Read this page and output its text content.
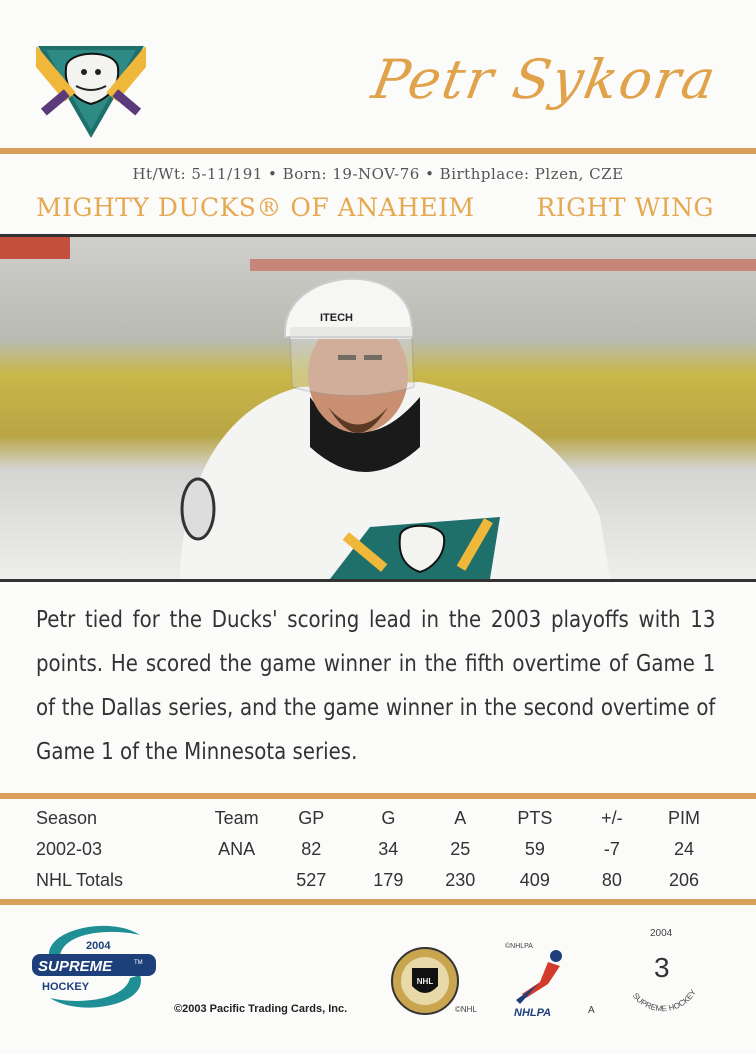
Petr Sykora
Ht/Wt: 5-11/191 • Born: 19-NOV-76 • Birthplace: Plzen, CZE
MIGHTY DUCKS® OF ANAHEIM RIGHT WING
ITECH
Petr tied for the Ducks' scoring lead in the 2003 playoffs with 13 points. He scored the game winner in the fifth overtime of Game 1 of the Dallas series, and the game winner in the second overtime of Game 1 of the Minnesota series.
Season	Team	GP	G	A	PTS	+/-	PIM
2002-03	ANA	82	34	25	59	-7	24
NHL Totals		527	179	230	409	80	206
2004
SUPREME	TM
HOCKEY
©2003 Pacific Trading Cards, Inc.
NHL
©NHL
©NHLPA
NHLPA	A
SUPREME HOCKEY
2004
3
